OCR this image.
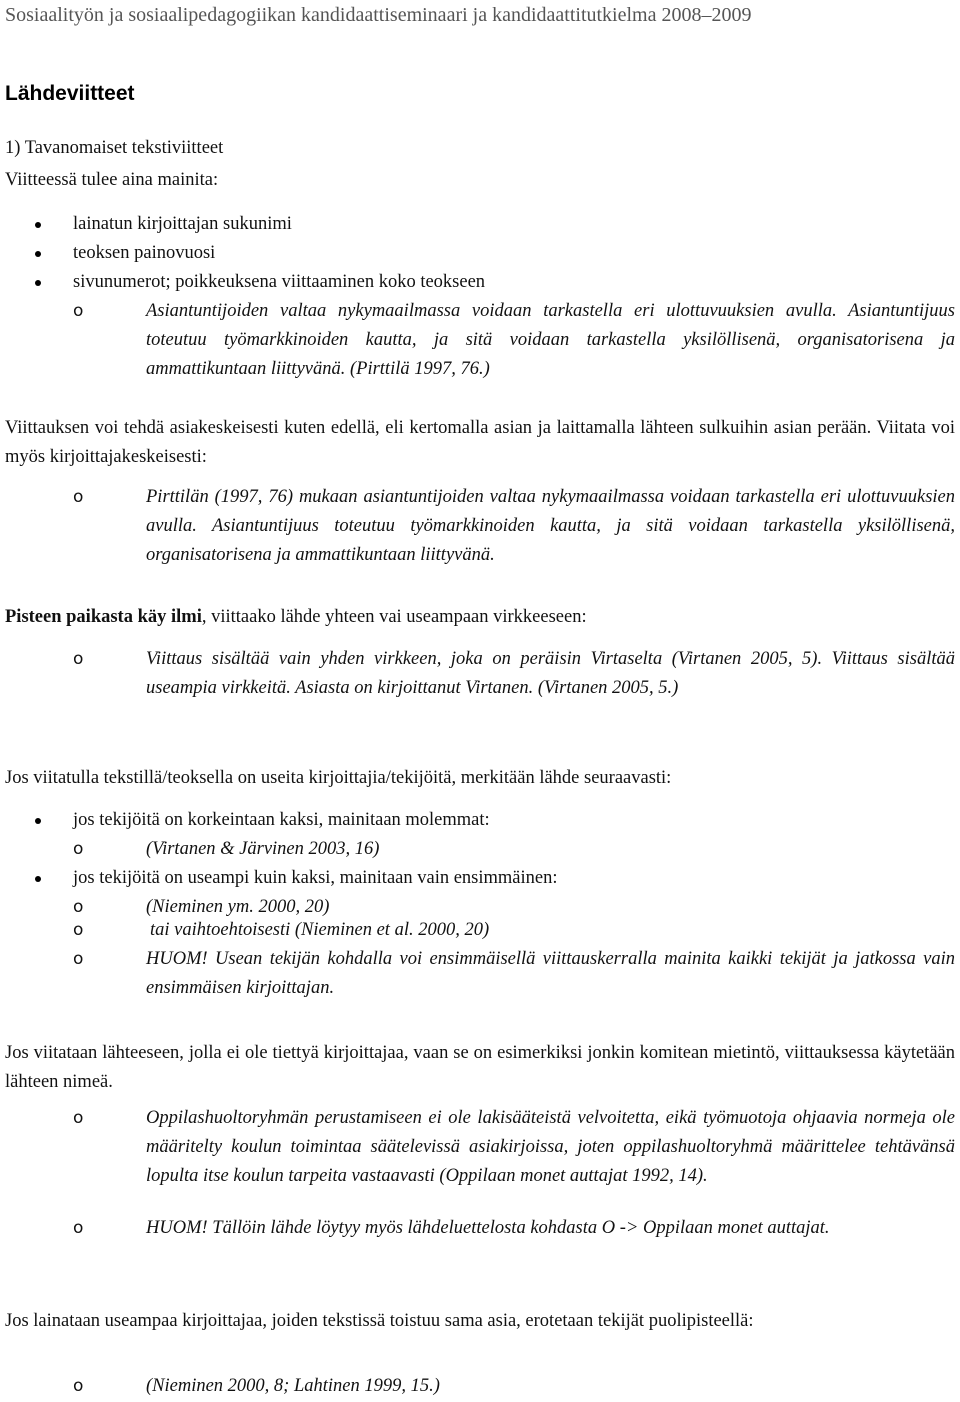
Sosiaalityön ja sosiaalipedagogiikan kandidaattiseminaari ja kandidaattitutkielma 2008–2009
Lähdeviitteet
1) Tavanomaiset tekstiviitteet
Viitteessä tulee aina mainita:
lainatun kirjoittajan sukunimi
teoksen painovuosi
sivunumerot; poikkeuksena viittaaminen koko teokseen
o	Asiantuntijoiden valtaa nykymaailmassa voidaan tarkastella eri ulottuvuuksien avulla. Asiantuntijuus toteutuu työmarkkinoiden kautta, ja sitä voidaan tarkastella yksilöllisenä, organisatorisena ja ammattikuntaan liittyvänä. (Pirttilä 1997, 76.)
Viittauksen voi tehdä asiakeskeisesti kuten edellä, eli kertomalla asian ja laittamalla lähteen sulkuihin asian perään. Viitata voi myös kirjoittajakeskeisesti:
o	Pirttilän (1997, 76) mukaan asiantuntijoiden valtaa nykymaailmassa voidaan tarkastella eri ulottuvuuksien avulla. Asiantuntijuus toteutuu työmarkkinoiden kautta, ja sitä voidaan tarkastella yksilöllisenä, organisatorisena ja ammattikuntaan liittyvänä.
Pisteen paikasta käy ilmi, viittaako lähde yhteen vai useampaan virkkeeseen:
o	Viittaus sisältää vain yhden virkkeen, joka on peräisin Virtaselta (Virtanen 2005, 5). Viittaus sisältää useampia virkkeitä. Asiasta on kirjoittanut Virtanen. (Virtanen 2005, 5.)
Jos viitatulla tekstillä/teoksella on useita kirjoittajia/tekijöitä, merkitään lähde seuraavasti:
jos tekijöitä on korkeintaan kaksi, mainitaan molemmat:
o	(Virtanen & Järvinen 2003, 16)
jos tekijöitä on useampi kuin kaksi, mainitaan vain ensimmäinen:
o	(Nieminen ym. 2000, 20)
o	tai vaihtoehtoisesti (Nieminen et al. 2000, 20)
o	HUOM! Usean tekijän kohdalla voi ensimmäisellä viittauskerralla mainita kaikki tekijät ja jatkossa vain ensimmäisen kirjoittajan.
Jos viitataan lähteeseen, jolla ei ole tiettyä kirjoittajaa, vaan se on esimerkiksi jonkin komitean mietintö, viittauksessa käytetään lähteen nimeä.
o	Oppilashuoltoryhmän perustamiseen ei ole lakisääteistä velvoitetta, eikä työmuotoja ohjaavia normeja ole määritelty koulun toimintaa säätelevissä asiakirjoissa, joten oppilashuoltoryhmä määrittelee tehtävänsä lopulta itse koulun tarpeita vastaavasti (Oppilaan monet auttajat 1992, 14).
o	HUOM! Tällöin lähde löytyy myös lähdeluettelosta kohdasta O -> Oppilaan monet auttajat.
Jos lainataan useampaa kirjoittajaa, joiden tekstissä toistuu sama asia, erotetaan tekijät puolipisteellä:
o	(Nieminen 2000, 8; Lahtinen 1999, 15.)
